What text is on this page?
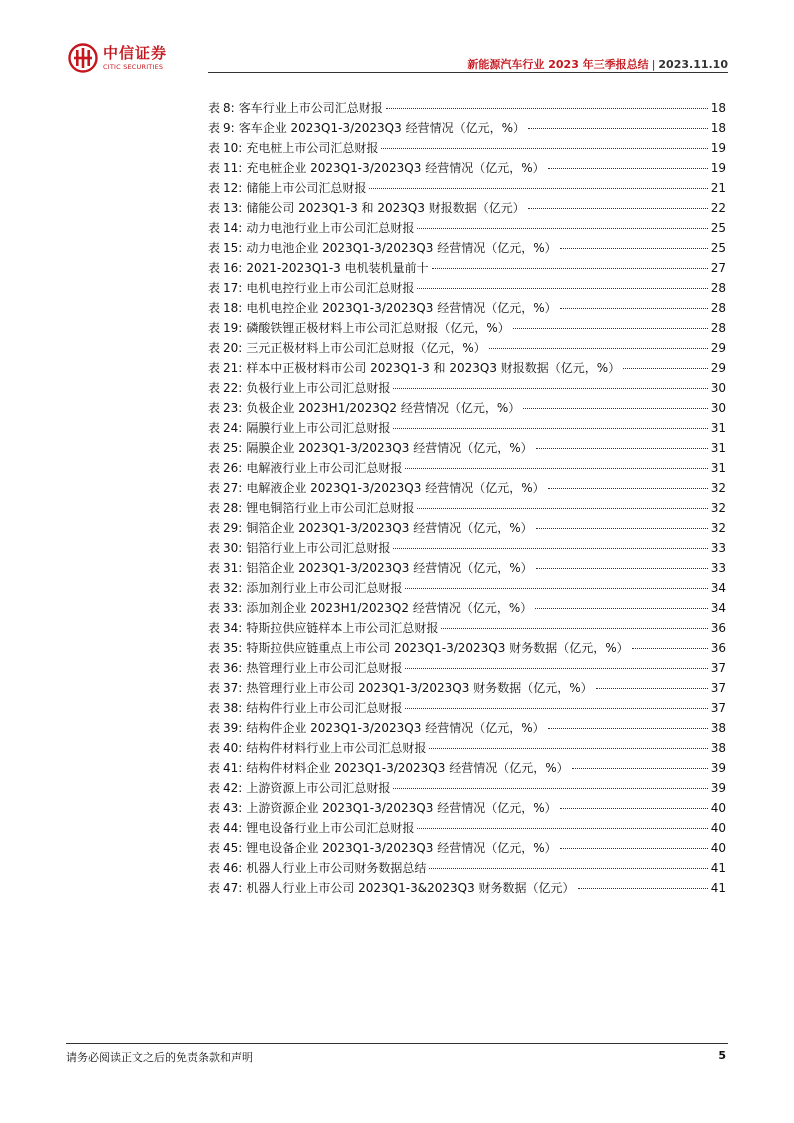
中信证券
CITIC SECURITIES	新能源汽车行业 2023 年三季报总结 | 2023.11.10
表 8: 客车行业上市公司汇总财报	18
表 9: 客车企业 2023Q1-3/2023Q3 经营情况（亿元，%）	18
表 10: 充电桩上市公司汇总财报	19
表 11: 充电桩企业 2023Q1-3/2023Q3 经营情况（亿元，%）	19
表 12: 储能上市公司汇总财报	21
表 13: 储能公司 2023Q1-3 和 2023Q3 财报数据（亿元）	22
表 14: 动力电池行业上市公司汇总财报	25
表 15: 动力电池企业 2023Q1-3/2023Q3 经营情况（亿元，%）	25
表 16: 2021-2023Q1-3 电机装机量前十	27
表 17: 电机电控行业上市公司汇总财报	28
表 18: 电机电控企业 2023Q1-3/2023Q3 经营情况（亿元，%）	28
表 19: 磷酸铁锂正极材料上市公司汇总财报（亿元，%）	28
表 20: 三元正极材料上市公司汇总财报（亿元，%）	29
表 21: 样本中正极材料市公司 2023Q1-3 和 2023Q3 财报数据（亿元，%）	29
表 22: 负极行业上市公司汇总财报	30
表 23: 负极企业 2023H1/2023Q2 经营情况（亿元，%）	30
表 24: 隔膜行业上市公司汇总财报	31
表 25: 隔膜企业 2023Q1-3/2023Q3 经营情况（亿元，%）	31
表 26: 电解液行业上市公司汇总财报	31
表 27: 电解液企业 2023Q1-3/2023Q3 经营情况（亿元，%）	32
表 28: 锂电铜箔行业上市公司汇总财报	32
表 29: 铜箔企业 2023Q1-3/2023Q3 经营情况（亿元，%）	32
表 30: 铝箔行业上市公司汇总财报	33
表 31: 铝箔企业 2023Q1-3/2023Q3 经营情况（亿元，%）	33
表 32: 添加剂行业上市公司汇总财报	34
表 33: 添加剂企业 2023H1/2023Q2 经营情况（亿元，%）	34
表 34: 特斯拉供应链样本上市公司汇总财报	36
表 35: 特斯拉供应链重点上市公司 2023Q1-3/2023Q3 财务数据（亿元，%）	36
表 36: 热管理行业上市公司汇总财报	37
表 37: 热管理行业上市公司 2023Q1-3/2023Q3 财务数据（亿元，%）	37
表 38: 结构件行业上市公司汇总财报	37
表 39: 结构件企业 2023Q1-3/2023Q3 经营情况（亿元，%）	38
表 40: 结构件材料行业上市公司汇总财报	38
表 41: 结构件材料企业 2023Q1-3/2023Q3 经营情况（亿元，%）	39
表 42: 上游资源上市公司汇总财报	39
表 43: 上游资源企业 2023Q1-3/2023Q3 经营情况（亿元，%）	40
表 44: 锂电设备行业上市公司汇总财报	40
表 45: 锂电设备企业 2023Q1-3/2023Q3 经营情况（亿元，%）	40
表 46: 机器人行业上市公司财务数据总结	41
表 47: 机器人行业上市公司 2023Q1-3&2023Q3 财务数据（亿元）	41
请务必阅读正文之后的免责条款和声明	5
